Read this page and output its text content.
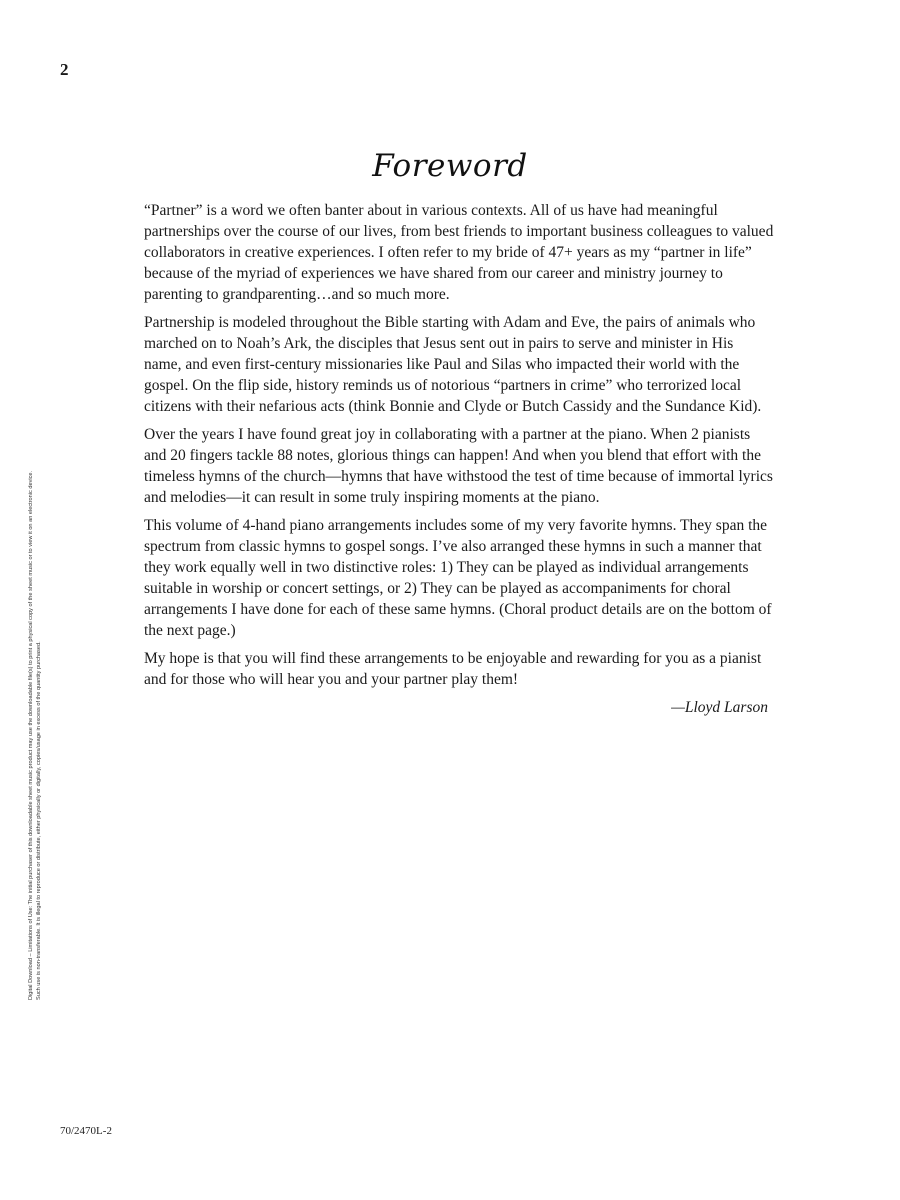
2
Digital Download – Limitations of Use: The initial purchaser of this downloadable sheet music product may use the downloadable file(s) to print a physical copy of the sheet music or to view it on an electronic device. Such use is non-transferable. It is illegal to reproduce or distribute, either physically or digitally, copies/usage in excess of the quantity purchased.
Foreword

“Partner” is a word we often banter about in various contexts. All of us have had meaningful partnerships over the course of our lives, from best friends to important business colleagues to valued collaborators in creative experiences. I often refer to my bride of 47+ years as my “partner in life” because of the myriad of experiences we have shared from our career and ministry journey to parenting to grandparenting…and so much more.

Partnership is modeled throughout the Bible starting with Adam and Eve, the pairs of animals who marched on to Noah’s Ark, the disciples that Jesus sent out in pairs to serve and minister in His name, and even first-century missionaries like Paul and Silas who impacted their world with the gospel. On the flip side, history reminds us of notorious “partners in crime” who terrorized local citizens with their nefarious acts (think Bonnie and Clyde or Butch Cassidy and the Sundance Kid).

Over the years I have found great joy in collaborating with a partner at the piano. When 2 pianists and 20 fingers tackle 88 notes, glorious things can happen! And when you blend that effort with the timeless hymns of the church—hymns that have withstood the test of time because of immortal lyrics and melodies—it can result in some truly inspiring moments at the piano.

This volume of 4-hand piano arrangements includes some of my very favorite hymns. They span the spectrum from classic hymns to gospel songs. I’ve also arranged these hymns in such a manner that they work equally well in two distinctive roles: 1) They can be played as individual arrangements suitable in worship or concert settings, or 2) They can be played as accompaniments for choral arrangements I have done for each of these same hymns. (Choral product details are on the bottom of the next page.)

My hope is that you will find these arrangements to be enjoyable and rewarding for you as a pianist and for those who will hear you and your partner play them!

—Lloyd Larson
70/2470L-2
